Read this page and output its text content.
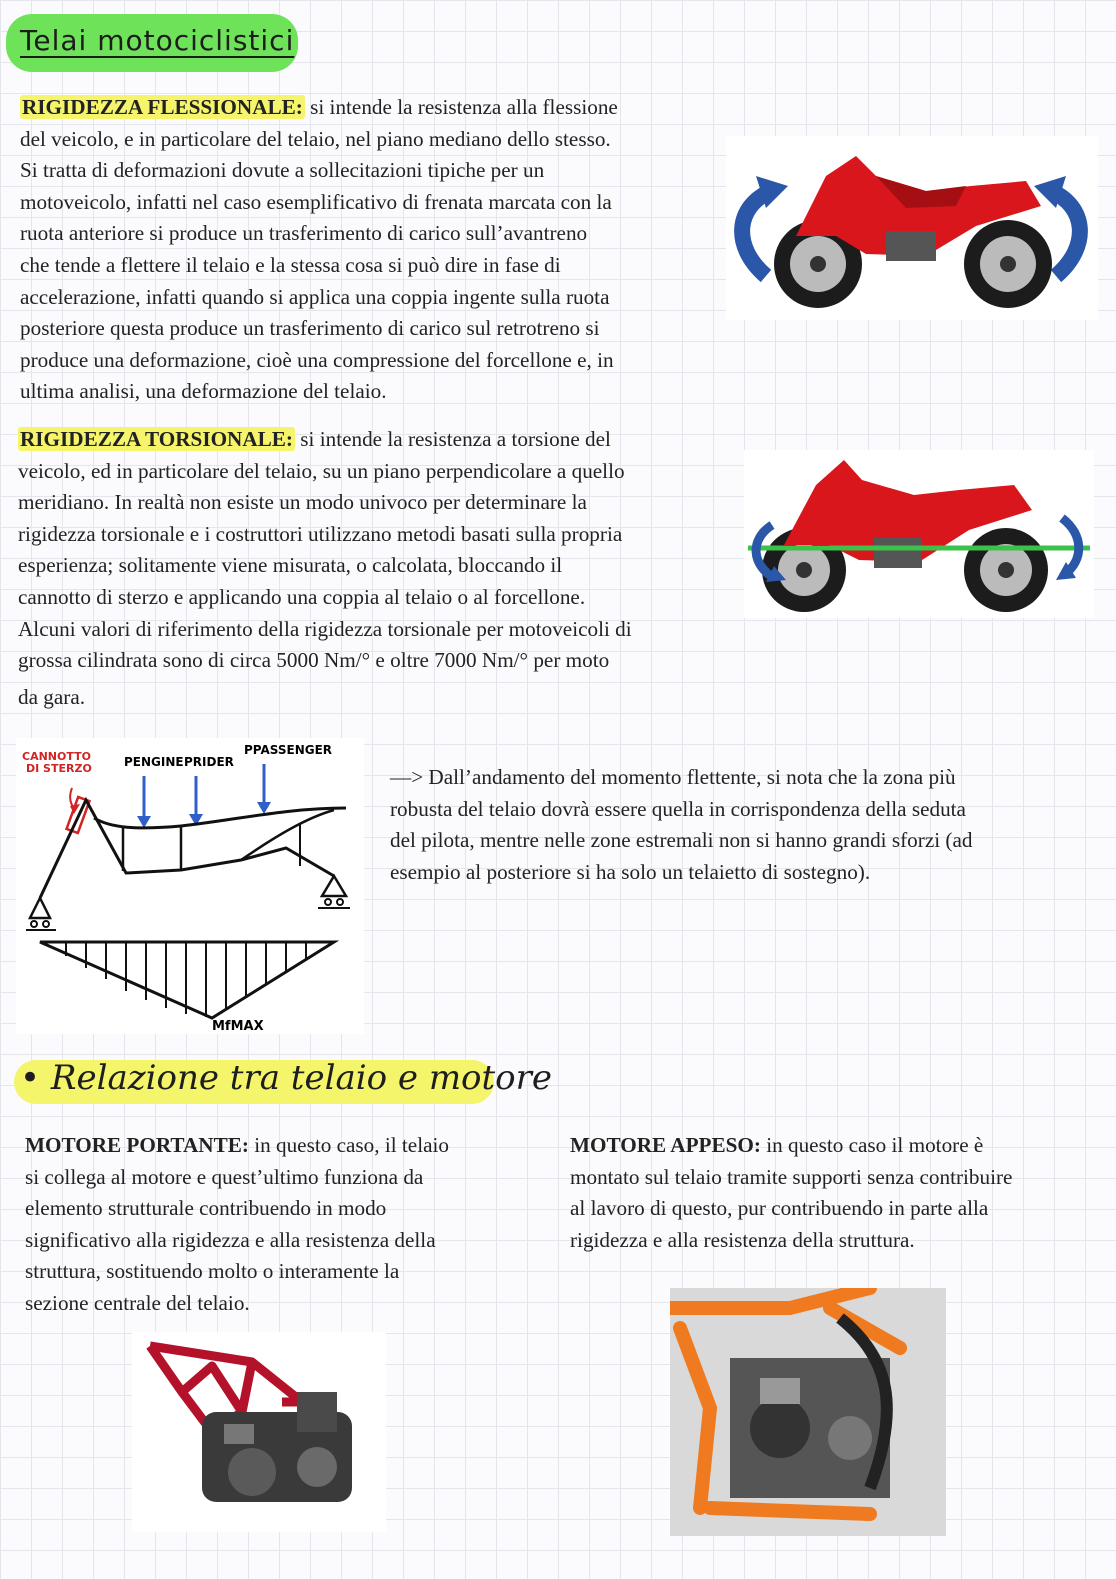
Telai motociclistici

RIGIDEZZA FLESSIONALE: si intende la resistenza alla flessione

del veicolo, e in particolare del telaio, nel piano mediano dello stesso.

Si tratta di deformazioni dovute a sollecitazioni tipiche per un

motoveicolo, infatti nel caso esemplificativo di frenata marcata con la

ruota anteriore si produce un trasferimento di carico sull’avantreno

che tende a flettere il telaio e la stessa cosa si può dire in fase di

accelerazione, infatti quando si applica una coppia ingente sulla ruota

posteriore questa produce un trasferimento di carico sul retrotreno si

produce una deformazione, cioè una compressione del forcellone e, in

ultima analisi, una deformazione del telaio.

RIGIDEZZA TORSIONALE: si intende la resistenza a torsione del

veicolo, ed in particolare del telaio, su un piano perpendicolare a quello

meridiano. In realtà non esiste un modo univoco per determinare la

rigidezza torsionale e i costruttori utilizzano metodi basati sulla propria

esperienza; solitamente viene misurata, o calcolata, bloccando il

cannotto di sterzo e applicando una coppia al telaio o al forcellone.

Alcuni valori di riferimento della rigidezza torsionale per motoveicoli di

grossa cilindrata sono di circa 5000 Nm/° e oltre 7000 Nm/° per moto

da gara.

CANNOTTO
DI STERZO	PENGINE PRIDER
PPASSENGER
MfMAX

—> Dall’andamento del momento flettente, si nota che la zona più

robusta del telaio dovrà essere quella in corrispondenza della seduta

del pilota, mentre nelle zone estremali non si hanno grandi sforzi (ad

esempio al posteriore si ha solo un telaietto di sostegno).

• Relazione tra telaio e motore

MOTORE PORTANTE: in questo caso, il telaio

si collega al motore e quest’ultimo funziona da

elemento strutturale contribuendo in modo

significativo alla rigidezza e alla resistenza della

struttura, sostituendo molto o interamente la

sezione centrale del telaio.

MOTORE APPESO: in questo caso il motore è

montato sul telaio tramite supporti senza contribuire

al lavoro di questo, pur contribuendo in parte alla

rigidezza e alla resistenza della struttura.
